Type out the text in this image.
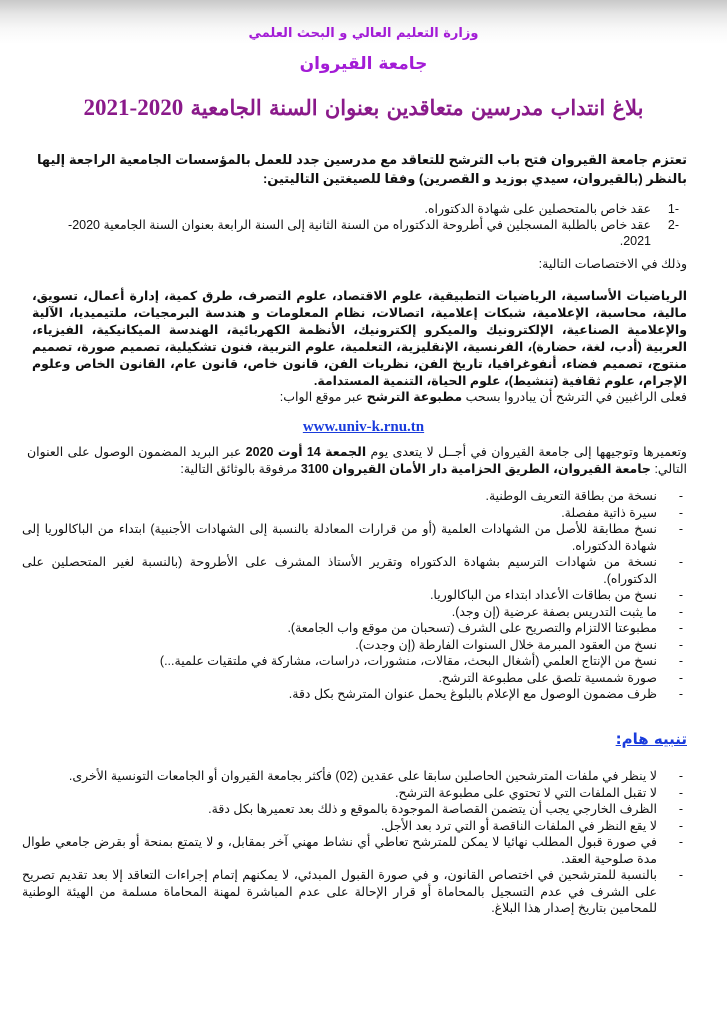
وزارة التعليم العالي و البحث العلمي
جامعة القيروان
بلاغ انتداب مدرسين متعاقدين بعنوان السنة الجامعية 2020-2021
تعتزم جامعة القيروان فتح باب الترشح للتعاقد مع مدرسين جدد للعمل بالمؤسسات الجامعية الراجعة إليها بالنظر (بالقيروان، سيدي بوزيد و القصرين) وفقا للصيغتين التاليتين:
-1
عقد خاص بالمتحصلين على شهادة الدكتوراه.
-2
عقد خاص بالطلبة المسجلين في أطروحة الدكتوراه من السنة الثانية إلى السنة الرابعة بعنوان السنة الجامعية 2020-2021.
وذلك في الاختصاصات التالية:
الرياضيات الأساسية، الرياضيات التطبيقية، علوم الاقتصاد، علوم التصرف، طرق كمية، إدارة أعمال، تسويق، مالية، محاسبة، الإعلامية، شبكات إعلامية، اتصالات، نظام المعلومات و هندسة البرمجيات، ملتيميديا، الآلية والإعلامية الصناعية، الإلكترونيك والميكرو إلكترونيك، الأنظمة الكهربائية، الهندسة الميكانيكية، الفيزياء، العربية (أدب، لغة، حضارة)، الفرنسية، الإنقليزية، التعلمية، علوم التربية، فنون تشكيلية، تصميم صورة، تصميم منتوج، تصميم فضاء، أنفوغرافيا، تاريخ الفن، نظريات الفن، قانون خاص، قانون عام، القانون الخاص وعلوم الإجرام، علوم ثقافية (تنشيط)، علوم الحياة، التنمية المستدامة.
فعلى الراغبين في الترشح أن يبادروا بسحب مطبوعة الترشح عبر موقع الواب:
www.univ-k.rnu.tn
وتعميرها وتوجيهها إلى جامعة القيروان في أجــل لا يتعدى يوم الجمعة 14 أوت 2020 عبر البريد المضمون الوصول على العنوان التالي: جامعة القيروان، الطريق الحزامية دار الأمان القيروان 3100 مرفوقة بالوثائق التالية:
- نسخة من بطاقة التعريف الوطنية.
- سيرة ذاتية مفصلة.
- نسخ مطابقة للأصل من الشهادات العلمية (أو من قرارات المعادلة بالنسبة إلى الشهادات الأجنبية) ابتداء من الباكالوريا إلى شهادة الدكتوراه.
- نسخة من شهادات الترسيم بشهادة الدكتوراه وتقرير الأستاذ المشرف على الأطروحة (بالنسبة لغير المتحصلين على الدكتوراه).
- نسخ من بطاقات الأعداد ابتداء من الباكالوريا.
- ما يثبت التدريس بصفة عرضية (إن وجد).
- مطبوعتا الالتزام والتصريح على الشرف (تسحبان من موقع واب الجامعة).
- نسخ من العقود المبرمة خلال السنوات الفارطة (إن وجدت).
- نسخ من الإنتاج العلمي (أشغال البحث، مقالات، منشورات، دراسات، مشاركة في ملتقيات علمية...)
- صورة شمسية تلصق على مطبوعة الترشح.
- ظرف مضمون الوصول مع الإعلام بالبلوغ يحمل عنوان المترشح بكل دقة.
تنبيه هام:
- لا ينظر في ملفات المترشحين الحاصلين سابقا على عقدين (02) فأكثر بجامعة القيروان أو الجامعات التونسية الأخرى.
- لا تقبل الملفات التي لا تحتوي على مطبوعة الترشح.
- الظرف الخارجي يجب أن يتضمن القصاصة الموجودة بالموقع و ذلك بعد تعميرها بكل دقة.
- لا يقع النظر في الملفات الناقصة أو التي ترد بعد الأجل.
- في صورة قبول المطلب نهائيا لا يمكن للمترشح تعاطي أي نشاط مهني آخر بمقابل، و لا يتمتع بمنحة أو بقرض جامعي طوال مدة صلوحية العقد.
- بالنسبة للمترشحين في اختصاص القانون، و في صورة القبول المبدئي، لا يمكنهم إتمام إجراءات التعاقد إلا بعد تقديم تصريح على الشرف في عدم التسجيل بالمحاماة أو قرار الإحالة على عدم المباشرة لمهنة المحاماة مسلمة من الهيئة الوطنية للمحامين بتاريخ إصدار هذا البلاغ.
